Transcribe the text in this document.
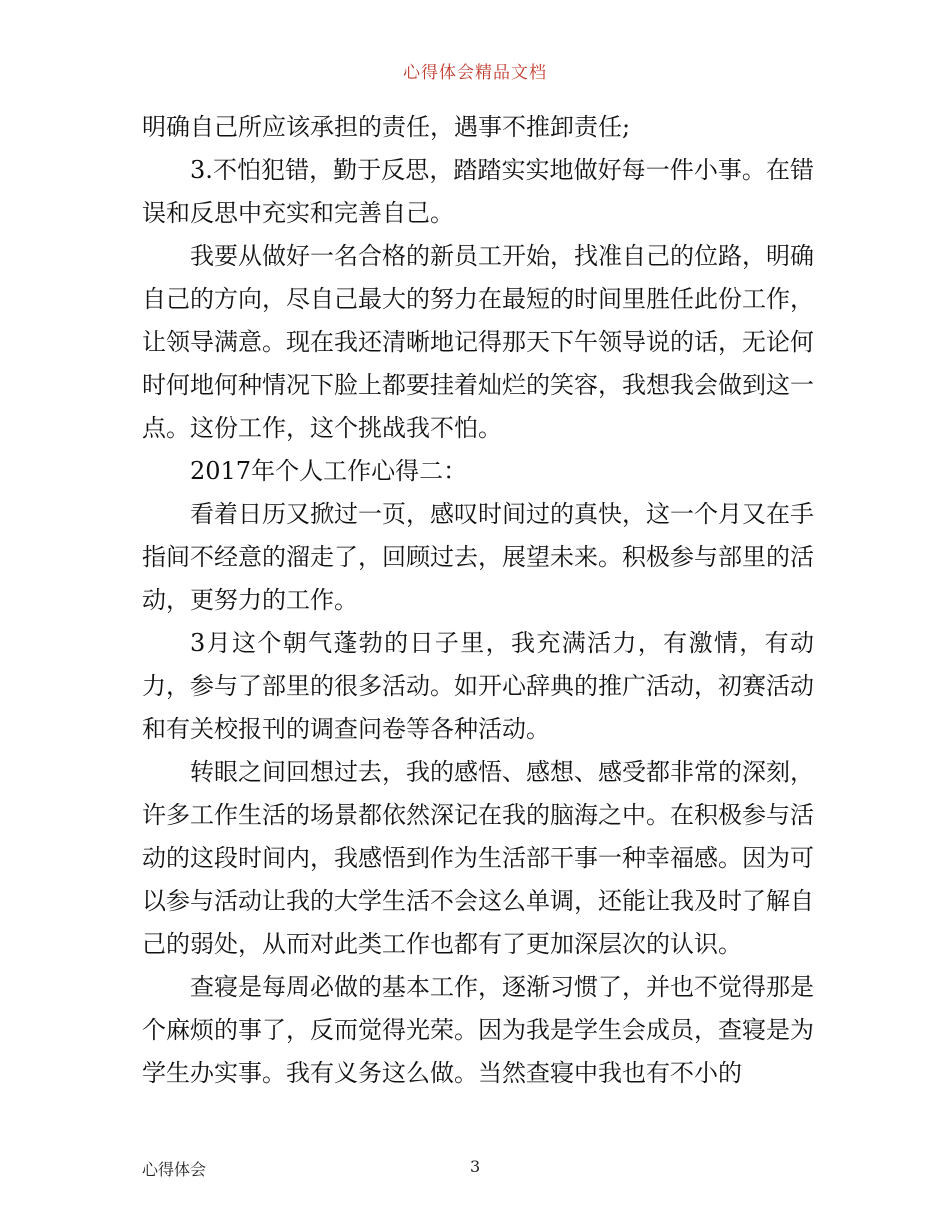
心得体会精品文档

明确自己所应该承担的责任，遇事不推卸责任;

3.不怕犯错，勤于反思，踏踏实实地做好每一件小事。在错误和反思中充实和完善自己。

我要从做好一名合格的新员工开始，找准自己的位路，明确自己的方向，尽自己最大的努力在最短的时间里胜任此份工作，让领导满意。现在我还清晰地记得那天下午领导说的话，无论何时何地何种情况下脸上都要挂着灿烂的笑容，我想我会做到这一点。这份工作，这个挑战我不怕。

2017年个人工作心得二：

看着日历又掀过一页，感叹时间过的真快，这一个月又在手指间不经意的溜走了，回顾过去，展望未来。积极参与部里的活动，更努力的工作。

3月这个朝气蓬勃的日子里，我充满活力，有激情，有动力，参与了部里的很多活动。如开心辞典的推广活动，初赛活动和有关校报刊的调查问卷等各种活动。

转眼之间回想过去，我的感悟、感想、感受都非常的深刻，许多工作生活的场景都依然深记在我的脑海之中。在积极参与活动的这段时间内，我感悟到作为生活部干事一种幸福感。因为可以参与活动让我的大学生活不会这么单调，还能让我及时了解自己的弱处，从而对此类工作也都有了更加深层次的认识。

查寝是每周必做的基本工作，逐渐习惯了，并也不觉得那是个麻烦的事了，反而觉得光荣。因为我是学生会成员，查寝是为学生办实事。我有义务这么做。当然查寝中我也有不小的

心得体会	3
